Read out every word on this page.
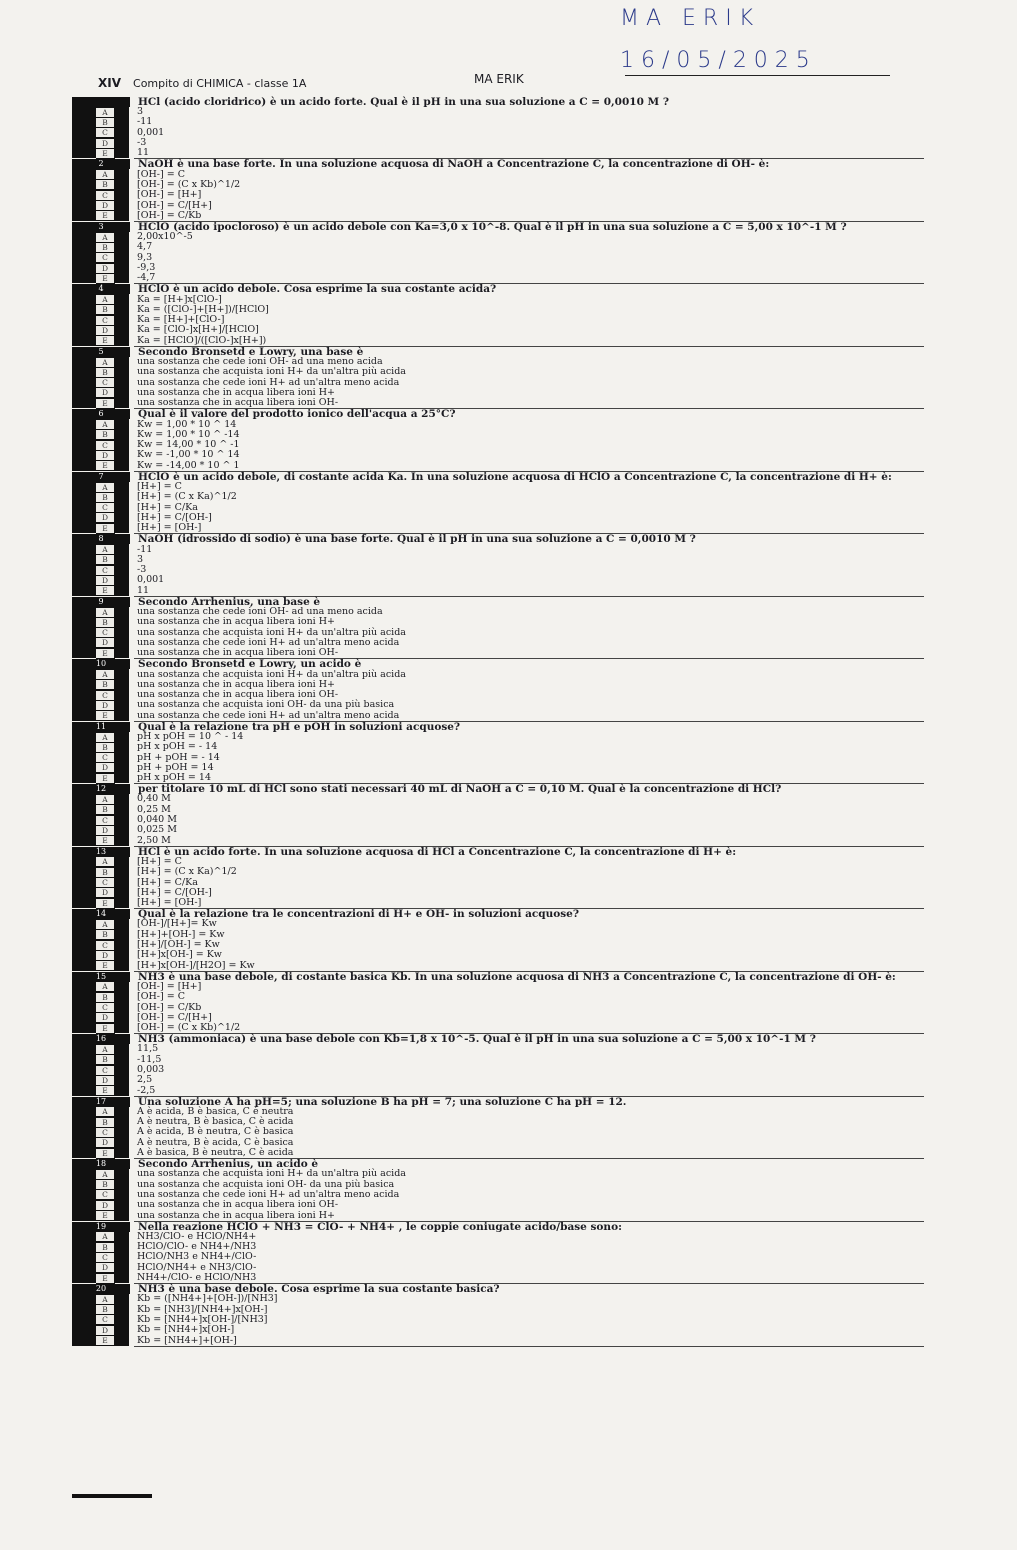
MA ERIK
16/05/2025
XIV Compito di CHIMICA - classe 1A	MA ERIK
HCl (acido cloridrico) è un acido forte. Qual è il pH in una sua soluzione a C = 0,0010 M ?
A	3
B	-11
C	0,001
D	-3
E	11
2	NaOH è una base forte. In una soluzione acquosa di NaOH a Concentrazione C, la concentrazione di OH- è:
A	[OH-] = C
B	[OH-] = (C x Kb)^1/2
C	[OH-] = [H+]
D	[OH-] = C/[H+]
E	[OH-] = C/Kb
3	HClO (acido ipocloroso) è un acido debole con Ka=3,0 x 10^-8. Qual è il pH in una sua soluzione a C = 5,00 x 10^-1 M ?
A	2,00x10^-5
B	4,7
C	9,3
D	-9,3
E	-4,7
4	HClO è un acido debole. Cosa esprime la sua costante acida?
A	Ka = [H+]x[ClO-]
B	Ka = ([ClO-]+[H+])/[HClO]
C	Ka = [H+]+[ClO-]
D	Ka = [ClO-]x[H+]/[HClO]
E	Ka = [HClO]/([ClO-]x[H+])
5	Secondo Bronsetd e Lowry, una base è
A	una sostanza che cede ioni OH- ad una meno acida
B	una sostanza che acquista ioni H+ da un'altra più acida
C	una sostanza che cede ioni H+ ad un'altra meno acida
D	una sostanza che in acqua libera ioni H+
E	una sostanza che in acqua libera ioni OH-
6	Qual è il valore del prodotto ionico dell'acqua a 25°C?
A	Kw = 1,00 * 10 ^ 14
B	Kw = 1,00 * 10 ^ -14
C	Kw = 14,00 * 10 ^ -1
D	Kw = -1,00 * 10 ^ 14
E	Kw = -14,00 * 10 ^ 1
7	HClO è un acido debole, di costante acida Ka. In una soluzione acquosa di HClO a Concentrazione C, la concentrazione di H+ è:
A	[H+] = C
B	[H+] = (C x Ka)^1/2
C	[H+] = C/Ka
D	[H+] = C/[OH-]
E	[H+] = [OH-]
8	NaOH (idrossido di sodio) è una base forte. Qual è il pH in una sua soluzione a C = 0,0010 M ?
A	-11
B	3
C	-3
D	0,001
E	11
9	Secondo Arrhenius, una base è
A	una sostanza che cede ioni OH- ad una meno acida
B	una sostanza che in acqua libera ioni H+
C	una sostanza che acquista ioni H+ da un'altra più acida
D	una sostanza che cede ioni H+ ad un'altra meno acida
E	una sostanza che in acqua libera ioni OH-
10	Secondo Bronsetd e Lowry, un acido è
A	una sostanza che acquista ioni H+ da un'altra più acida
B	una sostanza che in acqua libera ioni H+
C	una sostanza che in acqua libera ioni OH-
D	una sostanza che acquista ioni OH- da una più basica
E	una sostanza che cede ioni H+ ad un'altra meno acida
11	Qual è la relazione tra pH e pOH in soluzioni acquose?
A	pH x pOH = 10 ^ - 14
B	pH x pOH = - 14
C	pH + pOH = - 14
D	pH + pOH = 14
E	pH x pOH = 14
12	per titolare 10 mL di HCl sono stati necessari 40 mL di NaOH a C = 0,10 M. Qual è la concentrazione di HCl?
A	0,40 M
B	0,25 M
C	0,040 M
D	0,025 M
E	2,50 M
13	HCl è un acido forte. In una soluzione acquosa di HCl a Concentrazione C, la concentrazione di H+ è:
A	[H+] = C
B	[H+] = (C x Ka)^1/2
C	[H+] = C/Ka
D	[H+] = C/[OH-]
E	[H+] = [OH-]
14	Qual è la relazione tra le concentrazioni di H+ e OH- in soluzioni acquose?
A	[OH-]/[H+]= Kw
B	[H+]+[OH-] = Kw
C	[H+]/[OH-] = Kw
D	[H+]x[OH-] = Kw
E	[H+]x[OH-]/[H2O] = Kw
15	NH3 è una base debole, di costante basica Kb. In una soluzione acquosa di NH3 a Concentrazione C, la concentrazione di OH- è:
A	[OH-] = [H+]
B	[OH-] = C
C	[OH-] = C/Kb
D	[OH-] = C/[H+]
E	[OH-] = (C x Kb)^1/2
16	NH3 (ammoniaca) è una base debole con Kb=1,8 x 10^-5. Qual è il pH in una sua soluzione a C = 5,00 x 10^-1 M ?
A	11,5
B	-11,5
C	0,003
D	2,5
E	-2,5
17	Una soluzione A ha pH=5; una soluzione B ha pH = 7; una soluzione C ha pH = 12.
A	A è acida, B è basica, C è neutra
B	A è neutra, B è basica, C è acida
C	A è acida, B è neutra, C è basica
D	A è neutra, B è acida, C è basica
E	A è basica, B è neutra, C è acida
18	Secondo Arrhenius, un acido è
A	una sostanza che acquista ioni H+ da un'altra più acida
B	una sostanza che acquista ioni OH- da una più basica
C	una sostanza che cede ioni H+ ad un'altra meno acida
D	una sostanza che in acqua libera ioni OH-
E	una sostanza che in acqua libera ioni H+
19	Nella reazione HClO + NH3 = ClO- + NH4+ , le coppie coniugate acido/base sono:
A	NH3/ClO- e HClO/NH4+
B	HClO/ClO- e NH4+/NH3
C	HClO/NH3 e NH4+/ClO-
D	HClO/NH4+ e NH3/ClO-
E	NH4+/ClO- e HClO/NH3
20	NH3 è una base debole. Cosa esprime la sua costante basica?
A	Kb = ([NH4+]+[OH-])/[NH3]
B	Kb = [NH3]/[NH4+]x[OH-]
C	Kb = [NH4+]x[OH-]/[NH3]
D	Kb = [NH4+]x[OH-]
E	Kb = [NH4+]+[OH-]
